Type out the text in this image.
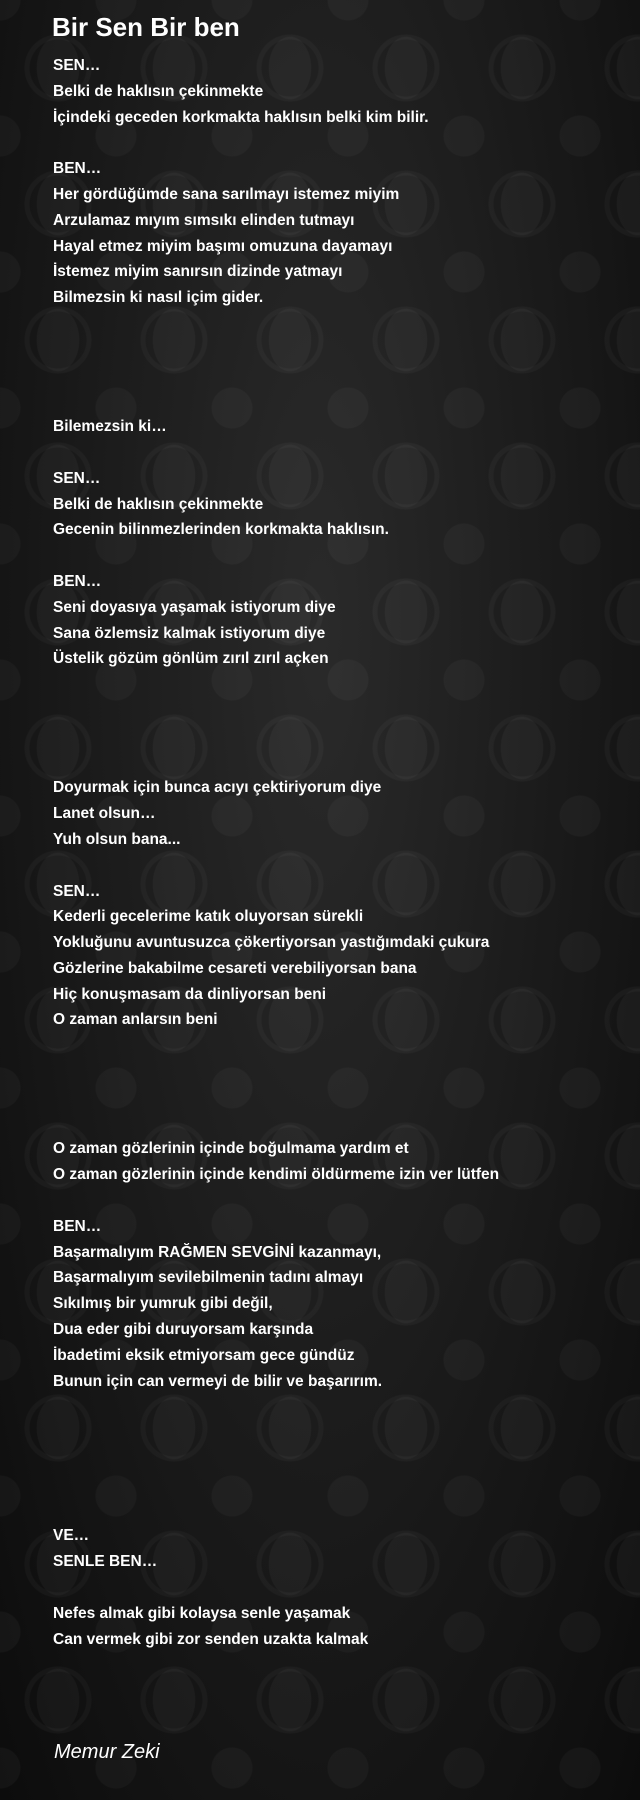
Bir Sen Bir ben
SEN…
Belki de haklısın çekinmekte
İçindeki geceden korkmakta haklısın belki kim bilir.
BEN…
Her gördüğümde sana sarılmayı istemez miyim
Arzulamaz mıyım sımsıkı elinden tutmayı
Hayal etmez miyim başımı omuzuna dayamayı
İstemez miyim sanırsın dizinde yatmayı
Bilmezsin ki nasıl içim gider.
Bilemezsin ki…
SEN…
Belki de haklısın çekinmekte
Gecenin bilinmezlerinden korkmakta haklısın.
BEN…
Seni doyasıya yaşamak istiyorum diye
Sana özlemsiz kalmak istiyorum diye
Üstelik gözüm gönlüm zırıl zırıl açken
Doyurmak için bunca acıyı çektiriyorum diye
Lanet olsun…
Yuh olsun bana...
SEN…
Kederli gecelerime katık oluyorsan sürekli
Yokluğunu avuntusuzca çökertiyorsan yastığımdaki çukura
Gözlerine bakabilme cesareti verebiliyorsan bana
Hiç konuşmasam da dinliyorsan beni
O zaman anlarsın beni
O zaman gözlerinin içinde boğulmama yardım et
O zaman gözlerinin içinde kendimi öldürmeme izin ver lütfen
BEN…
Başarmalıyım RAĞMEN SEVGİNİ kazanmayı,
Başarmalıyım sevilebilmenin tadını almayı
Sıkılmış bir yumruk gibi değil,
Dua eder gibi duruyorsam karşında
İbadetimi eksik etmiyorsam gece gündüz
Bunun için can vermeyi de bilir ve başarırım.
VE…
SENLE BEN…
Nefes almak gibi kolaysa senle yaşamak
Can vermek gibi zor senden uzakta kalmak
Memur Zeki
